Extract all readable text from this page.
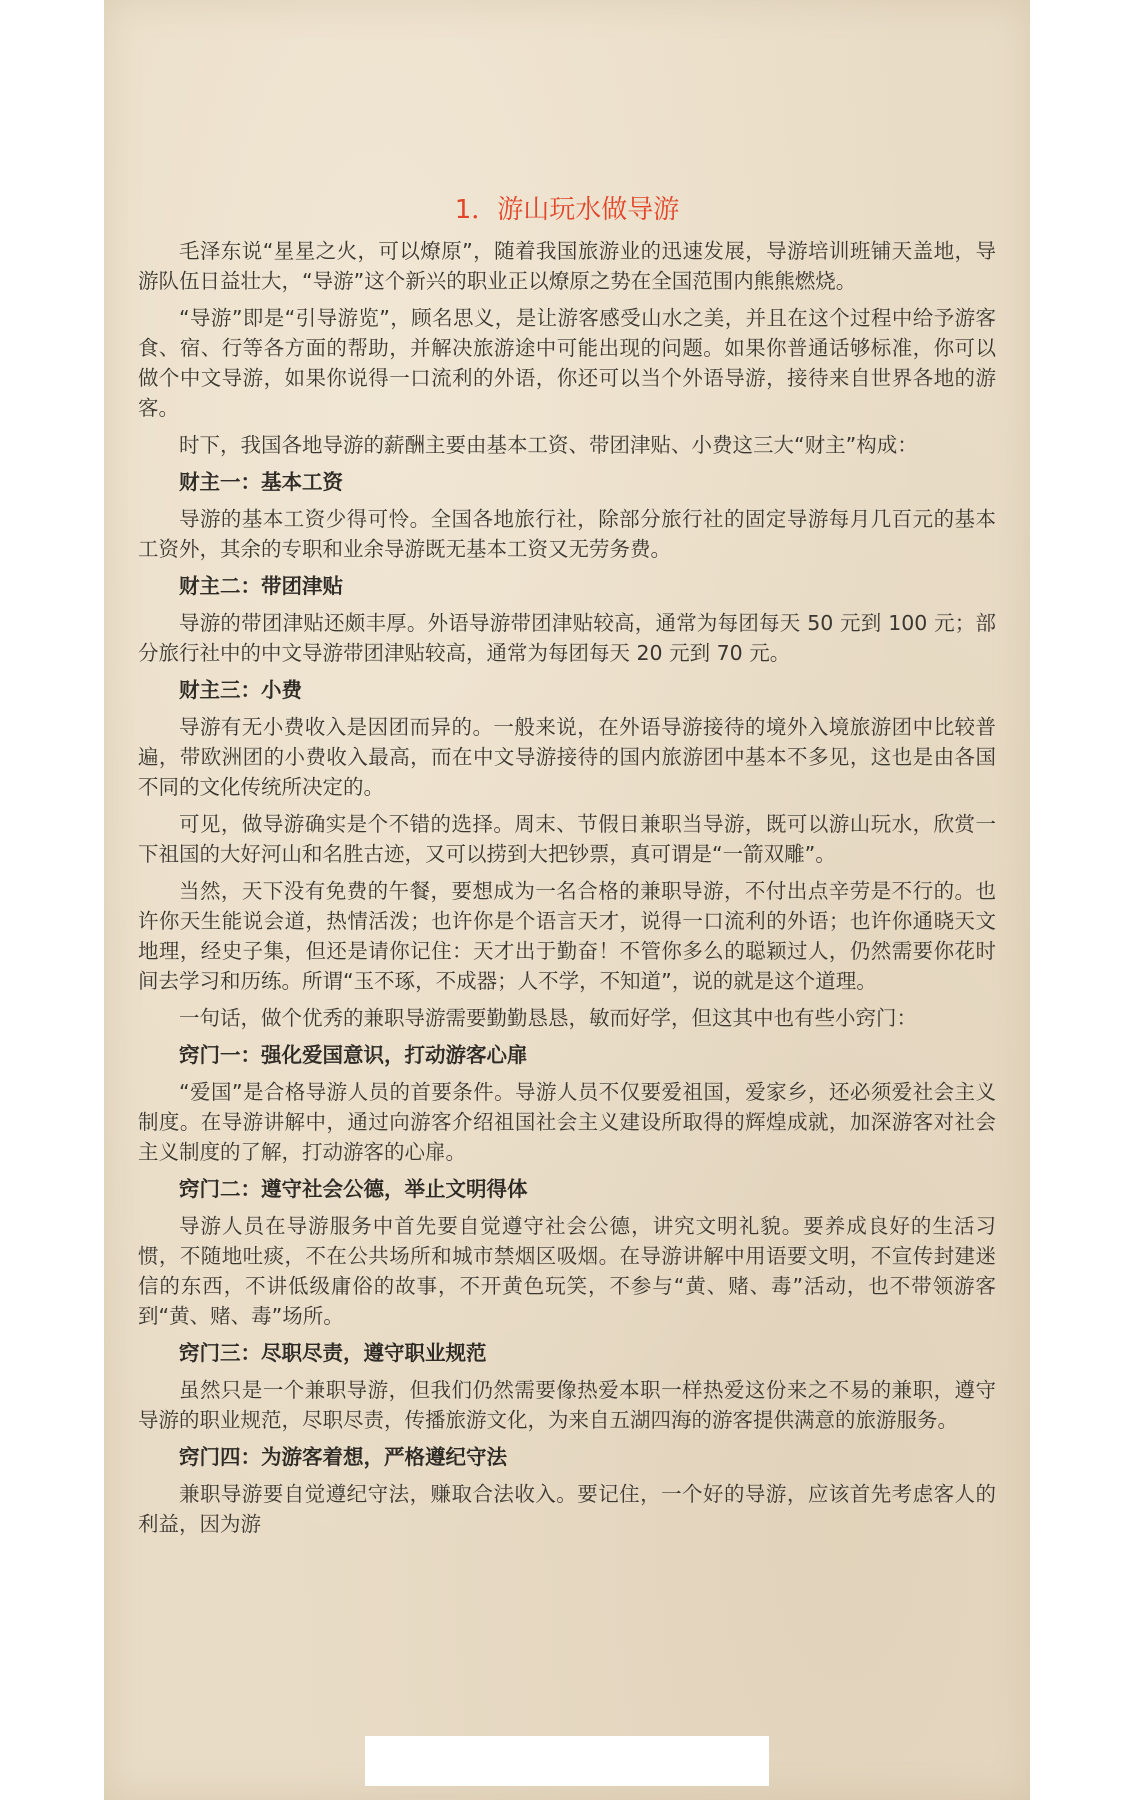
1．游山玩水做导游

毛泽东说“星星之火，可以燎原”，随着我国旅游业的迅速发展，导游培训班铺天盖地，导游队伍日益壮大，“导游”这个新兴的职业正以燎原之势在全国范围内熊熊燃烧。

“导游”即是“引导游览”，顾名思义，是让游客感受山水之美，并且在这个过程中给予游客食、宿、行等各方面的帮助，并解决旅游途中可能出现的问题。如果你普通话够标准，你可以做个中文导游，如果你说得一口流利的外语，你还可以当个外语导游，接待来自世界各地的游客。

时下，我国各地导游的薪酬主要由基本工资、带团津贴、小费这三大“财主”构成：

财主一：基本工资

导游的基本工资少得可怜。全国各地旅行社，除部分旅行社的固定导游每月几百元的基本工资外，其余的专职和业余导游既无基本工资又无劳务费。

财主二：带团津贴

导游的带团津贴还颇丰厚。外语导游带团津贴较高，通常为每团每天 50 元到 100 元；部分旅行社中的中文导游带团津贴较高，通常为每团每天 20 元到 70 元。

财主三：小费

导游有无小费收入是因团而异的。一般来说，在外语导游接待的境外入境旅游团中比较普遍，带欧洲团的小费收入最高，而在中文导游接待的国内旅游团中基本不多见，这也是由各国不同的文化传统所决定的。

可见，做导游确实是个不错的选择。周末、节假日兼职当导游，既可以游山玩水，欣赏一下祖国的大好河山和名胜古迹，又可以捞到大把钞票，真可谓是“一箭双雕”。

当然，天下没有免费的午餐，要想成为一名合格的兼职导游，不付出点辛劳是不行的。也许你天生能说会道，热情活泼；也许你是个语言天才，说得一口流利的外语；也许你通晓天文地理，经史子集，但还是请你记住：天才出于勤奋！不管你多么的聪颖过人，仍然需要你花时间去学习和历练。所谓“玉不琢，不成器；人不学，不知道”，说的就是这个道理。

一句话，做个优秀的兼职导游需要勤勤恳恳，敏而好学，但这其中也有些小窍门：

窍门一：强化爱国意识，打动游客心扉

“爱国”是合格导游人员的首要条件。导游人员不仅要爱祖国，爱家乡，还必须爱社会主义制度。在导游讲解中，通过向游客介绍祖国社会主义建设所取得的辉煌成就，加深游客对社会主义制度的了解，打动游客的心扉。

窍门二：遵守社会公德，举止文明得体

导游人员在导游服务中首先要自觉遵守社会公德，讲究文明礼貌。要养成良好的生活习惯，不随地吐痰，不在公共场所和城市禁烟区吸烟。在导游讲解中用语要文明，不宣传封建迷信的东西，不讲低级庸俗的故事，不开黄色玩笑，不参与“黄、赌、毒”活动，也不带领游客到“黄、赌、毒”场所。

窍门三：尽职尽责，遵守职业规范

虽然只是一个兼职导游，但我们仍然需要像热爱本职一样热爱这份来之不易的兼职，遵守导游的职业规范，尽职尽责，传播旅游文化，为来自五湖四海的游客提供满意的旅游服务。

窍门四：为游客着想，严格遵纪守法

兼职导游要自觉遵纪守法，赚取合法收入。要记住，一个好的导游，应该首先考虑客人的利益，因为游
